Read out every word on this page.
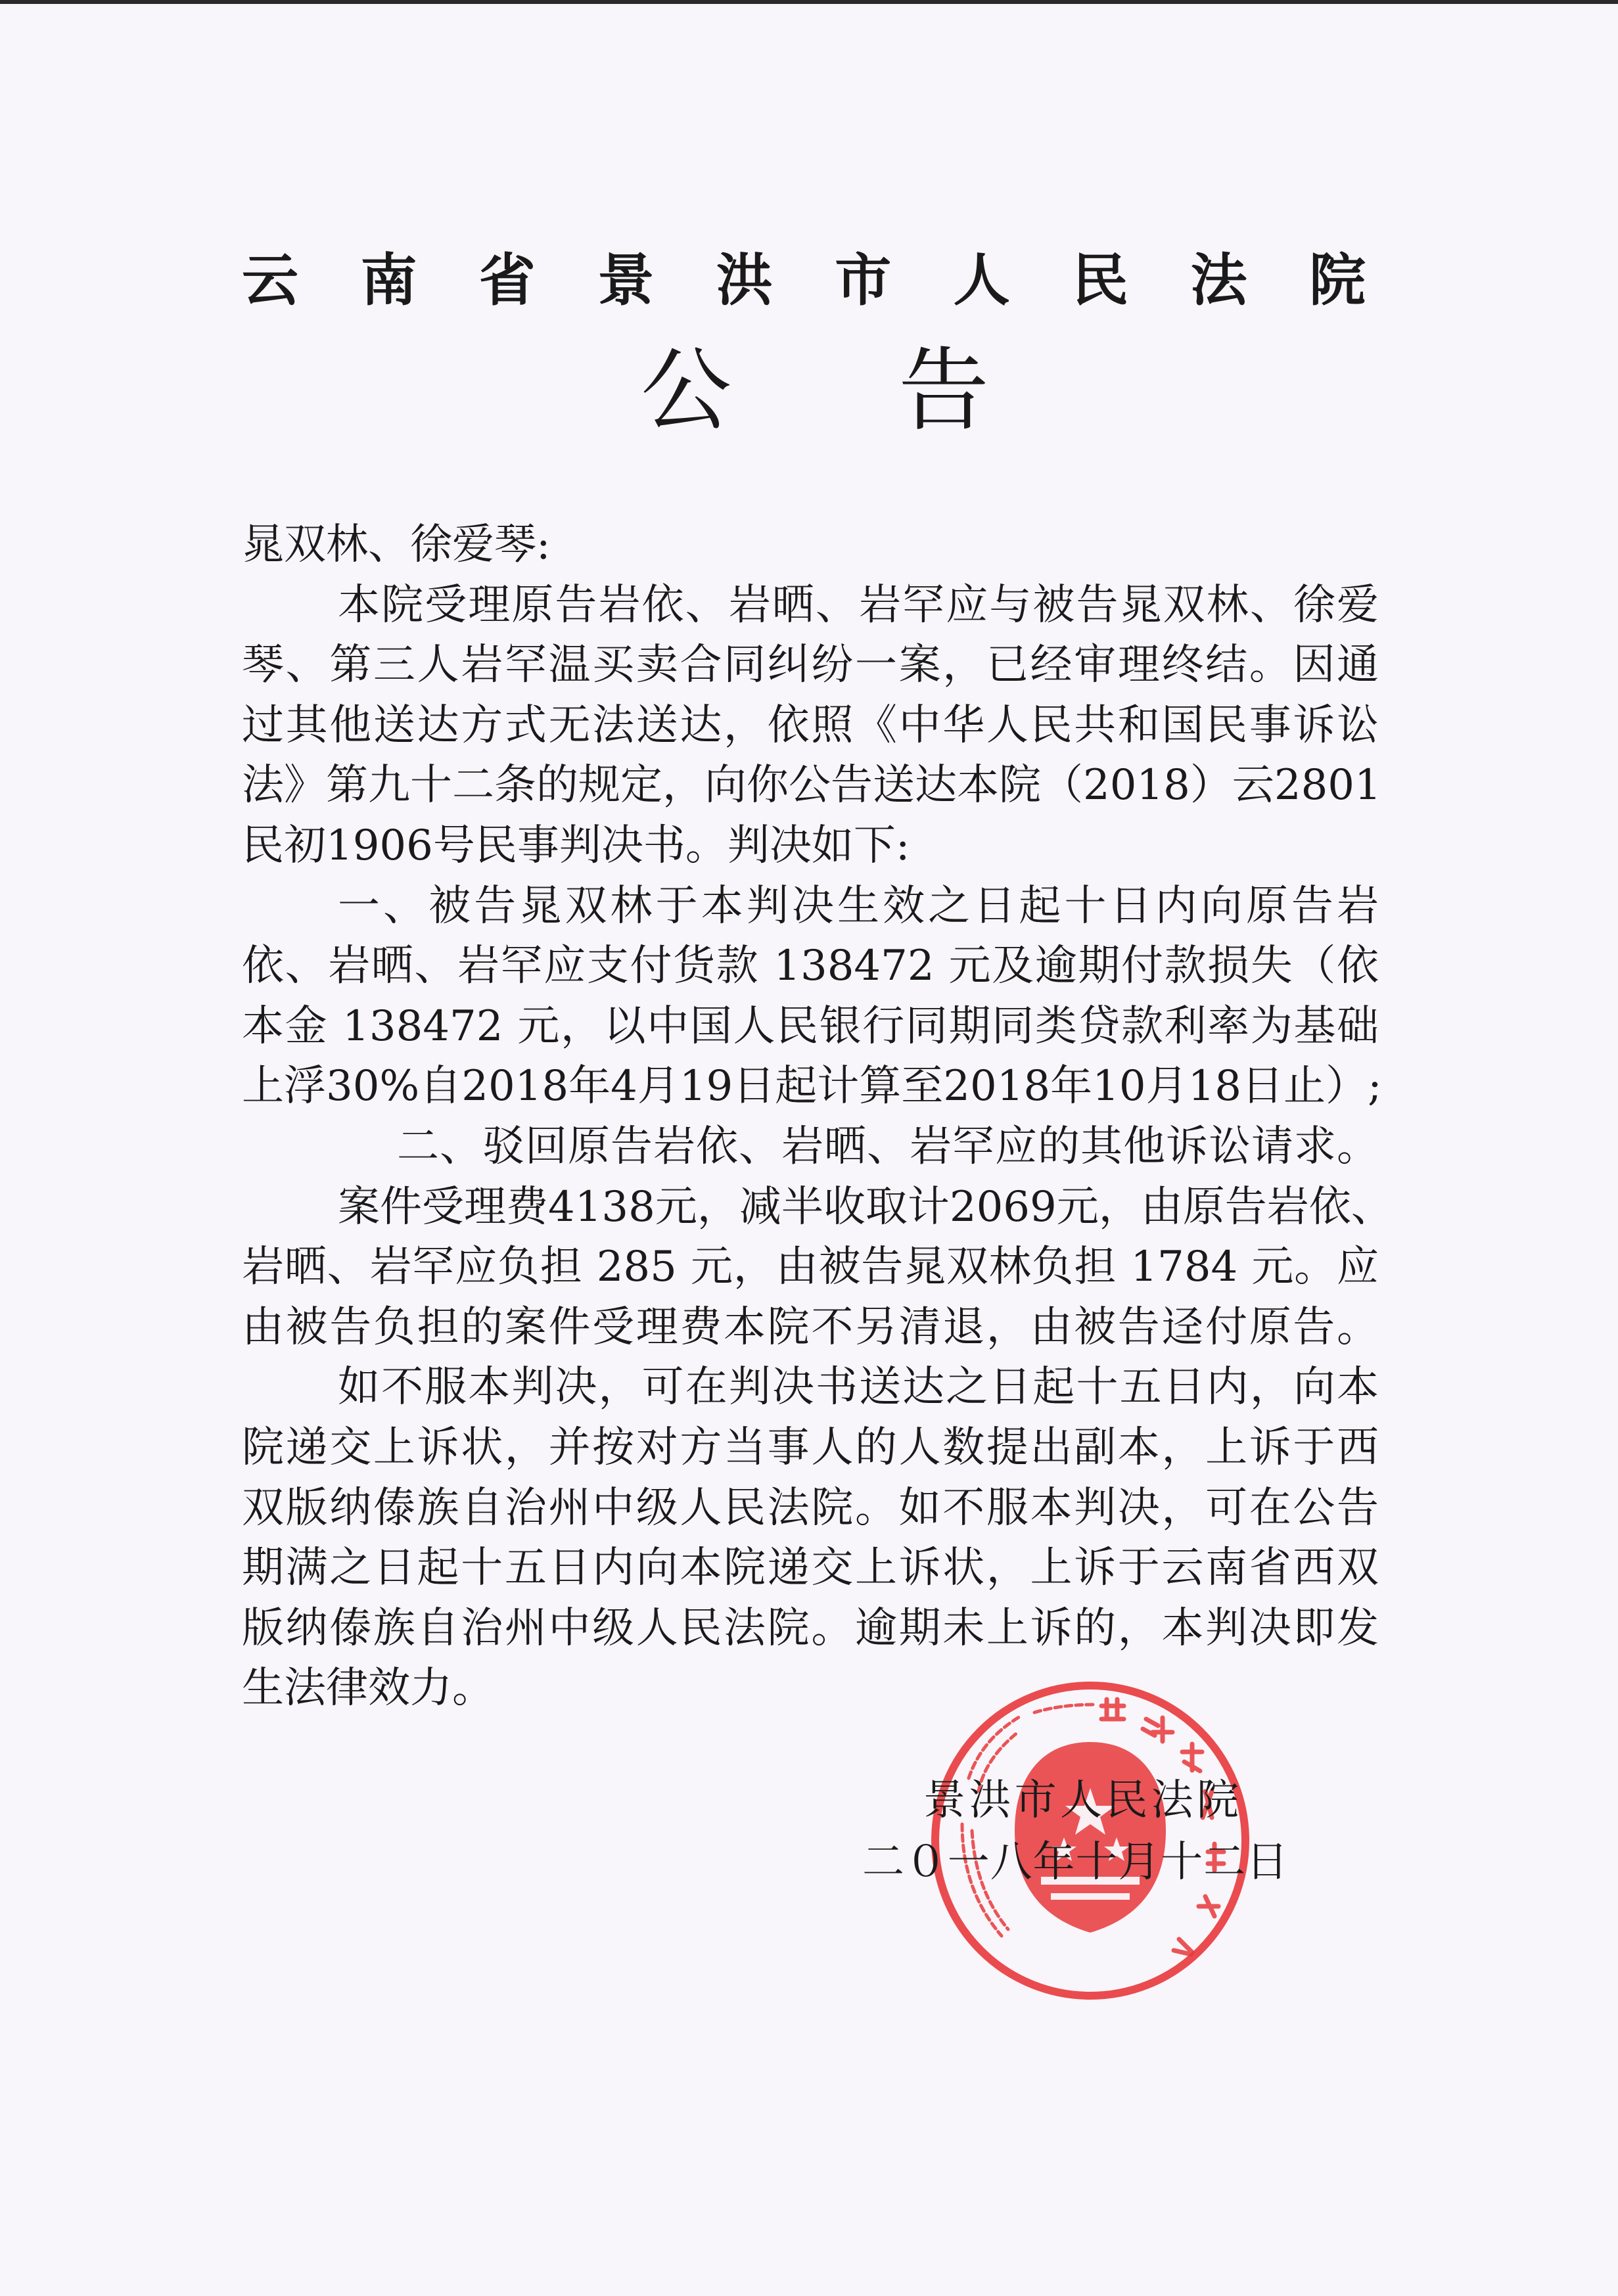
云南省景洪市人民法院
公告
晁双林、徐爱琴:
本院受理原告岩依、岩晒、岩罕应与被告晁双林、徐爱
琴、第三人岩罕温买卖合同纠纷一案，已经审理终结。因通
过其他送达方式无法送达，依照《中华人民共和国民事诉讼
法》第九十二条的规定，向你公告送达本院（2018）云2801
民初1906号民事判决书。判决如下:
一、被告晁双林于本判决生效之日起十日内向原告岩
依、岩晒、岩罕应支付货款 138472 元及逾期付款损失（依
本金 138472 元，以中国人民银行同期同类贷款利率为基础
上浮30%自2018年4月19日起计算至2018年10月18日止）;
二、驳回原告岩依、岩晒、岩罕应的其他诉讼请求。
案件受理费4138元，减半收取计2069元，由原告岩依、
岩晒、岩罕应负担 285 元，由被告晁双林负担 1784 元。应
由被告负担的案件受理费本院不另清退，由被告迳付原告。
如不服本判决，可在判决书送达之日起十五日内，向本
院递交上诉状，并按对方当事人的人数提出副本，上诉于西
双版纳傣族自治州中级人民法院。如不服本判决，可在公告
期满之日起十五日内向本院递交上诉状，上诉于云南省西双
版纳傣族自治州中级人民法院。逾期未上诉的，本判决即发
生法律效力。
景洪市人民法院
二０一八年十月十二日
